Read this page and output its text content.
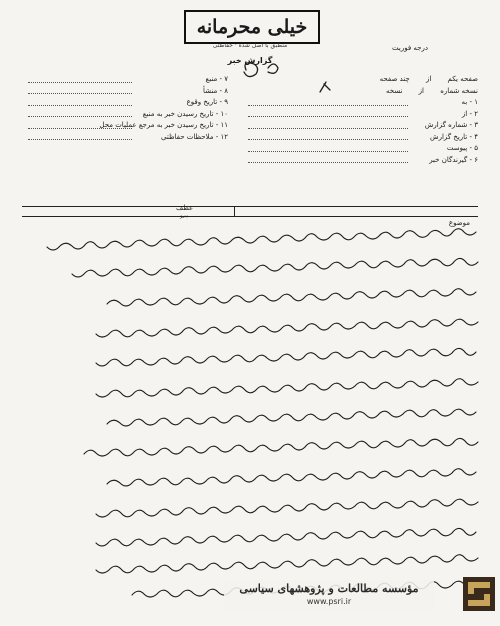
خیلی محرمانه
منطبق با اصل شده · حفاظتی	درجه فوریت
گزارش خبر
صفحه یکم از چند صفحه
نسخه شماره از نسخه
۱ - به
۲ - از
۳ - شماره گزارش
۴ - تاریخ گزارش
۵ - پیوست
۶ - گیرندگان خبر
۷ - منبع
۸ - منشأ
۹ - تاریخ وقوع
۱۰ - تاریخ رسیدن خبر به منبع
۱۱ - تاریخ رسیدن خبر به مرجع عملیات محل
۱۲ - ملاحظات حفاظتی
عطف
پیرو
موضوع
مؤسسه مطالعات و پژوهشهای سیاسی
www.psri.ir
